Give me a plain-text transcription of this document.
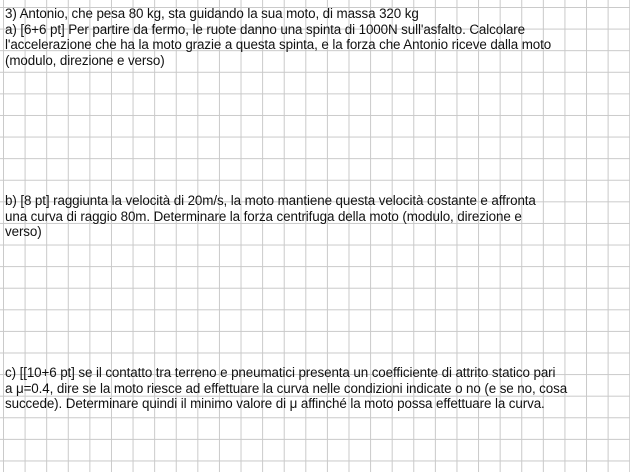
3) Antonio, che pesa 80 kg, sta guidando la sua moto, di massa 320 kg

a) [6+6 pt] Per partire da fermo, le ruote danno una spinta di 1000N sull'asfalto. Calcolare

l'accelerazione che ha la moto grazie a questa spinta, e la forza che Antonio riceve dalla moto

(modulo, direzione e verso)

b) [8 pt] raggiunta la velocità di 20m/s, la moto mantiene questa velocità costante e affronta

una curva di raggio 80m. Determinare la forza centrifuga della moto (modulo, direzione e

verso)

c) [[10+6 pt] se il contatto tra terreno e pneumatici presenta un coefficiente di attrito statico pari

a μ=0.4, dire se la moto riesce ad effettuare la curva nelle condizioni indicate o no (e se no, cosa

succede). Determinare quindi il minimo valore di μ affinché la moto possa effettuare la curva.
